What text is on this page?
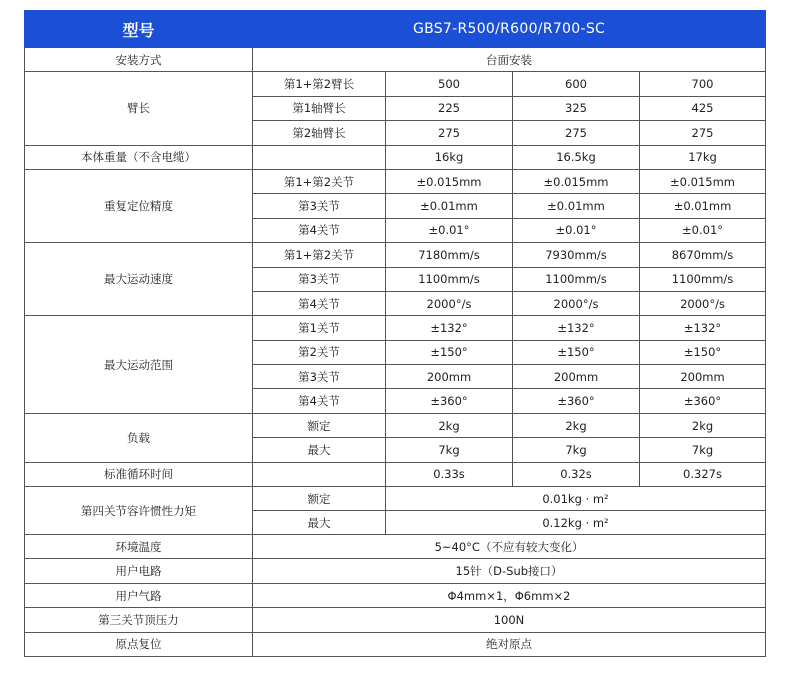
型号	GBS7-R500/R600/R700-SC			
安装方式	台面安装			
臂长	第1+第2臂长	500	600	700
	第1轴臂长	225	325	425
	第2轴臂长	275	275	275
本体重量（不含电缆）		16kg	16.5kg	17kg
重复定位精度	第1+第2关节	±0.015mm	±0.015mm	±0.015mm
	第3关节	±0.01mm	±0.01mm	±0.01mm
	第4关节	±0.01°	±0.01°	±0.01°
最大运动速度	第1+第2关节	7180mm/s	7930mm/s	8670mm/s
	第3关节	1100mm/s	1100mm/s	1100mm/s
	第4关节	2000°/s	2000°/s	2000°/s
最大运动范围	第1关节	±132°	±132°	±132°
	第2关节	±150°	±150°	±150°
	第3关节	200mm	200mm	200mm
	第4关节	±360°	±360°	±360°
负载	额定	2kg	2kg	2kg
	最大	7kg	7kg	7kg
标准循环时间		0.33s	0.32s	0.327s
第四关节容许惯性力矩	额定	0.01kg · m²		
	最大	0.12kg · m²		
环境温度	5~40°C（不应有较大变化）			
用户电路	15针（D-Sub接口）			
用户气路	Φ4mm×1，Φ6mm×2			
第三关节顶压力	100N			
原点复位	绝对原点			
